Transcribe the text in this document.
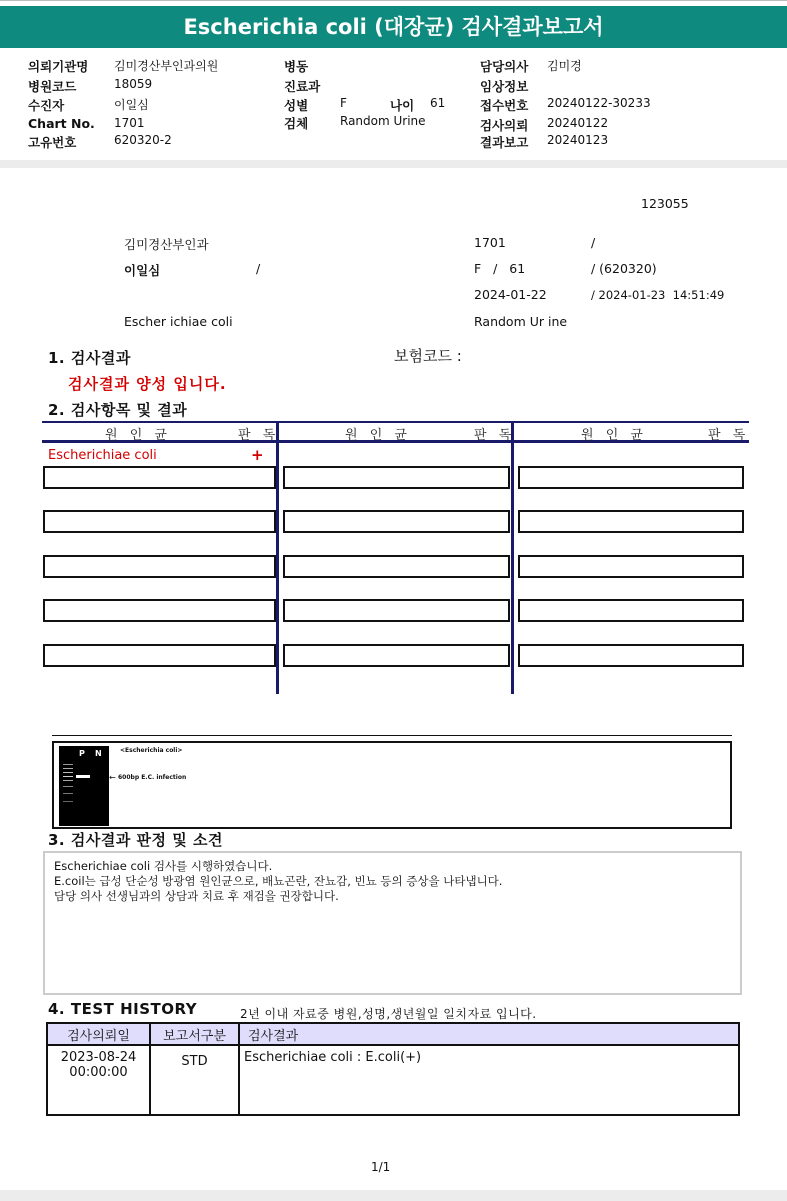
Escherichia coli (대장균) 검사결과보고서
의뢰기관명 김미경산부인과의원
병원코드	18059
수진자	이일심
Chart No. 1701
고유번호	620320-2
병동
진료과
성별	F	나이 61
검체	Random Urine
담당의사 김미경
임상정보
접수번호 20240122-30233
검사의뢰 20240122
결과보고 20240123
123055
김미경산부인과	1701	/
이일심	/	F   /   61	/ (620320)
2024-01-22	/ 2024-01-23  14:51:49
Escher ichiae coli	Random Ur ine
1. 검사결과	보험코드 :
검사결과 양성 입니다.
2. 검사항목 및 결과
원 인 균	판 독	원 인 균	판 독	원 인 균	판 독
Escherichiae coli	+
P N	<Escherichia coli>
← 600bp E.C. infection
3. 검사결과 판정 및 소견
Escherichiae coli 검사를 시행하였습니다.
E.coil는 급성 단순성 방광염 원인균으로, 배뇨곤란, 잔뇨감, 빈뇨 등의 증상을 나타냅니다.
담당 의사 선생님과의 상담과 치료 후 재검을 권장합니다.
4. TEST HISTORY	2년 이내 자료중 병원,성명,생년월일 일치자료 입니다.
검사의뢰일	보고서구분	검사결과

2023-08-24
00:00:00	STD	Escherichiae coli : E.coli(+)
1/1
